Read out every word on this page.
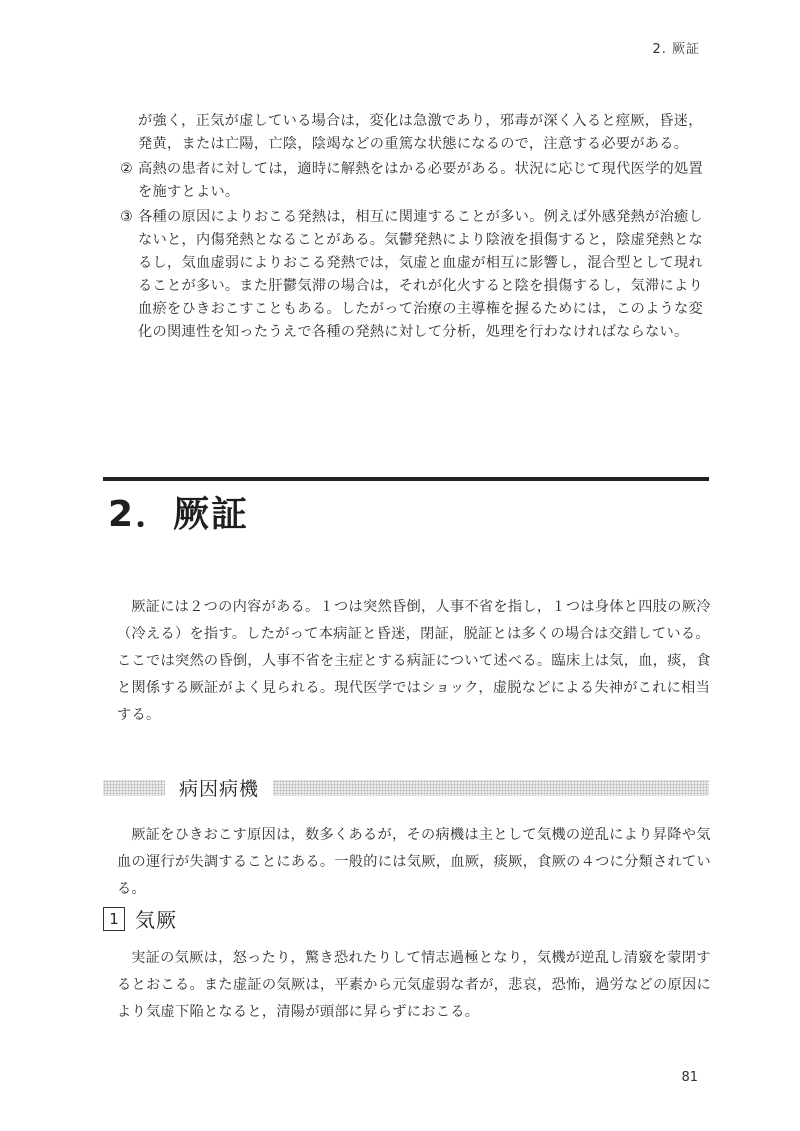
2. 厥証

が強く，正気が虚している場合は，変化は急激であり，邪毒が深く入ると痙厥，昏迷，発黄，または亡陽，亡陰，陰竭などの重篤な状態になるので，注意する必要がある。

② 高熱の患者に対しては，適時に解熱をはかる必要がある。状況に応じて現代医学的処置を施すとよい。
③ 各種の原因によりおこる発熱は，相互に関連することが多い。例えば外感発熱が治癒しないと，内傷発熱となることがある。気鬱発熱により陰液を損傷すると，陰虚発熱となるし，気血虚弱によりおこる発熱では，気虚と血虚が相互に影響し，混合型として現れることが多い。また肝鬱気滞の場合は，それが化火すると陰を損傷するし，気滞により血瘀をひきおこすこともある。したがって治療の主導権を握るためには，このような変化の関連性を知ったうえで各種の発熱に対して分析，処理を行わなければならない。
2．厥証

厥証には２つの内容がある。１つは突然昏倒，人事不省を指し，１つは身体と四肢の厥冷（冷える）を指す。したがって本病証と昏迷，閉証，脱証とは多くの場合は交錯している。ここでは突然の昏倒，人事不省を主症とする病証について述べる。臨床上は気，血，痰，食と関係する厥証がよく見られる。現代医学ではショック，虚脱などによる失神がこれに相当する。

病因病機

厥証をひきおこす原因は，数多くあるが，その病機は主として気機の逆乱により昇降や気血の運行が失調することにある。一般的には気厥，血厥，痰厥，食厥の４つに分類されている。

1 気厥

実証の気厥は，怒ったり，驚き恐れたりして情志過極となり，気機が逆乱し清竅を蒙閉するとおこる。また虚証の気厥は，平素から元気虚弱な者が，悲哀，恐怖，過労などの原因により気虚下陥となると，清陽が頭部に昇らずにおこる。

81
